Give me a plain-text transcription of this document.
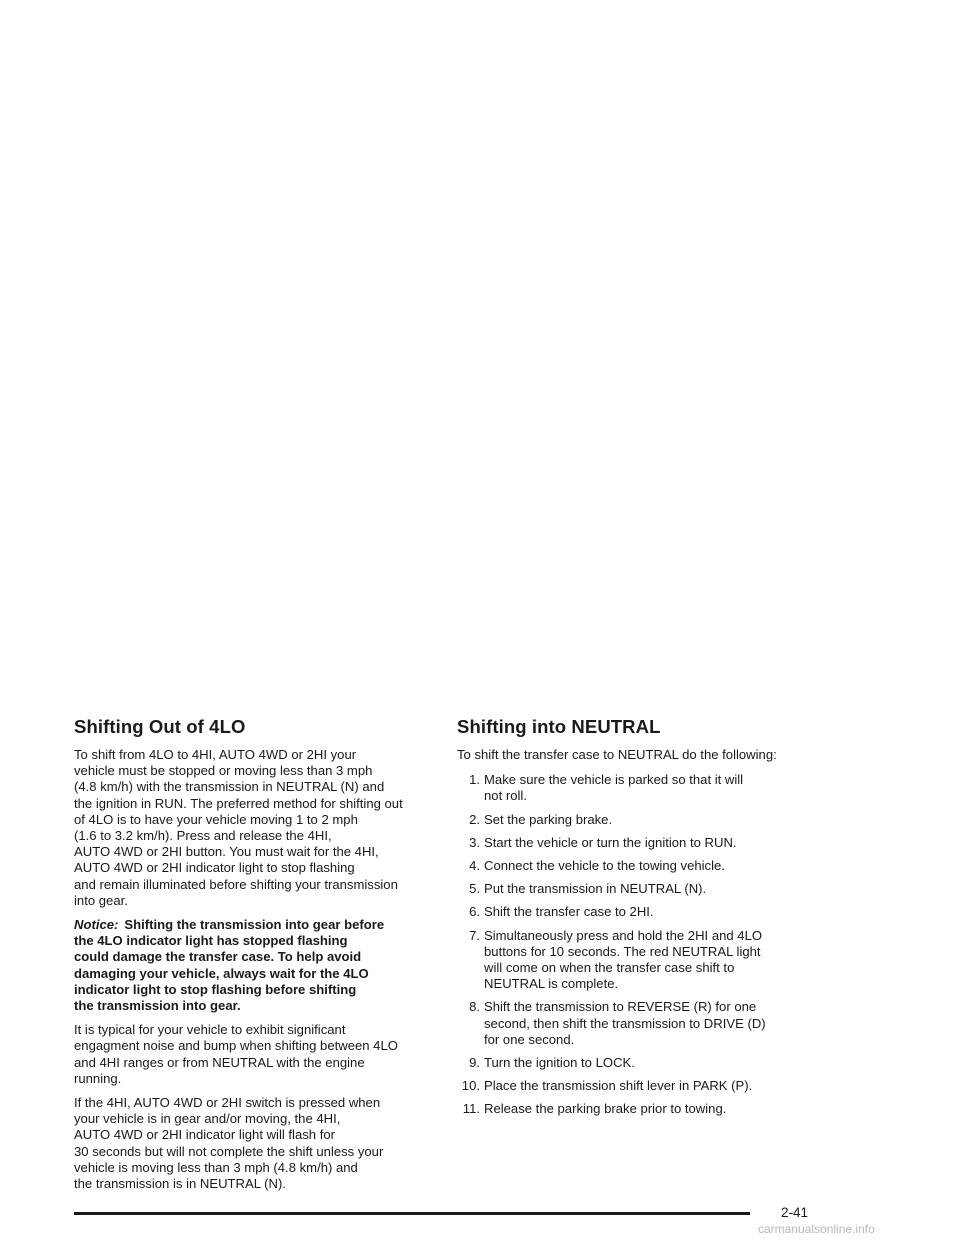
Shifting Out of 4LO

To shift from 4LO to 4HI, AUTO 4WD or 2HI your
vehicle must be stopped or moving less than 3 mph
(4.8 km/h) with the transmission in NEUTRAL (N) and
the ignition in RUN. The preferred method for shifting out
of 4LO is to have your vehicle moving 1 to 2 mph
(1.6 to 3.2 km/h). Press and release the 4HI,
AUTO 4WD or 2HI button. You must wait for the 4HI,
AUTO 4WD or 2HI indicator light to stop flashing
and remain illuminated before shifting your transmission
into gear.

Notice: Shifting the transmission into gear before
the 4LO indicator light has stopped flashing
could damage the transfer case. To help avoid
damaging your vehicle, always wait for the 4LO
indicator light to stop flashing before shifting
the transmission into gear.

It is typical for your vehicle to exhibit significant
engagment noise and bump when shifting between 4LO
and 4HI ranges or from NEUTRAL with the engine
running.

If the 4HI, AUTO 4WD or 2HI switch is pressed when
your vehicle is in gear and/or moving, the 4HI,
AUTO 4WD or 2HI indicator light will flash for
30 seconds but will not complete the shift unless your
vehicle is moving less than 3 mph (4.8 km/h) and
the transmission is in NEUTRAL (N).

Shifting into NEUTRAL

To shift the transfer case to NEUTRAL do the following:

1. Make sure the vehicle is parked so that it will
not roll.
2. Set the parking brake.
3. Start the vehicle or turn the ignition to RUN.
4. Connect the vehicle to the towing vehicle.
5. Put the transmission in NEUTRAL (N).
6. Shift the transfer case to 2HI.
7. Simultaneously press and hold the 2HI and 4LO
buttons for 10 seconds. The red NEUTRAL light
will come on when the transfer case shift to
NEUTRAL is complete.
8. Shift the transmission to REVERSE (R) for one
second, then shift the transmission to DRIVE (D)
for one second.
9. Turn the ignition to LOCK.
10. Place the transmission shift lever in PARK (P).
11. Release the parking brake prior to towing.
2-41
carmanualsonline.info
